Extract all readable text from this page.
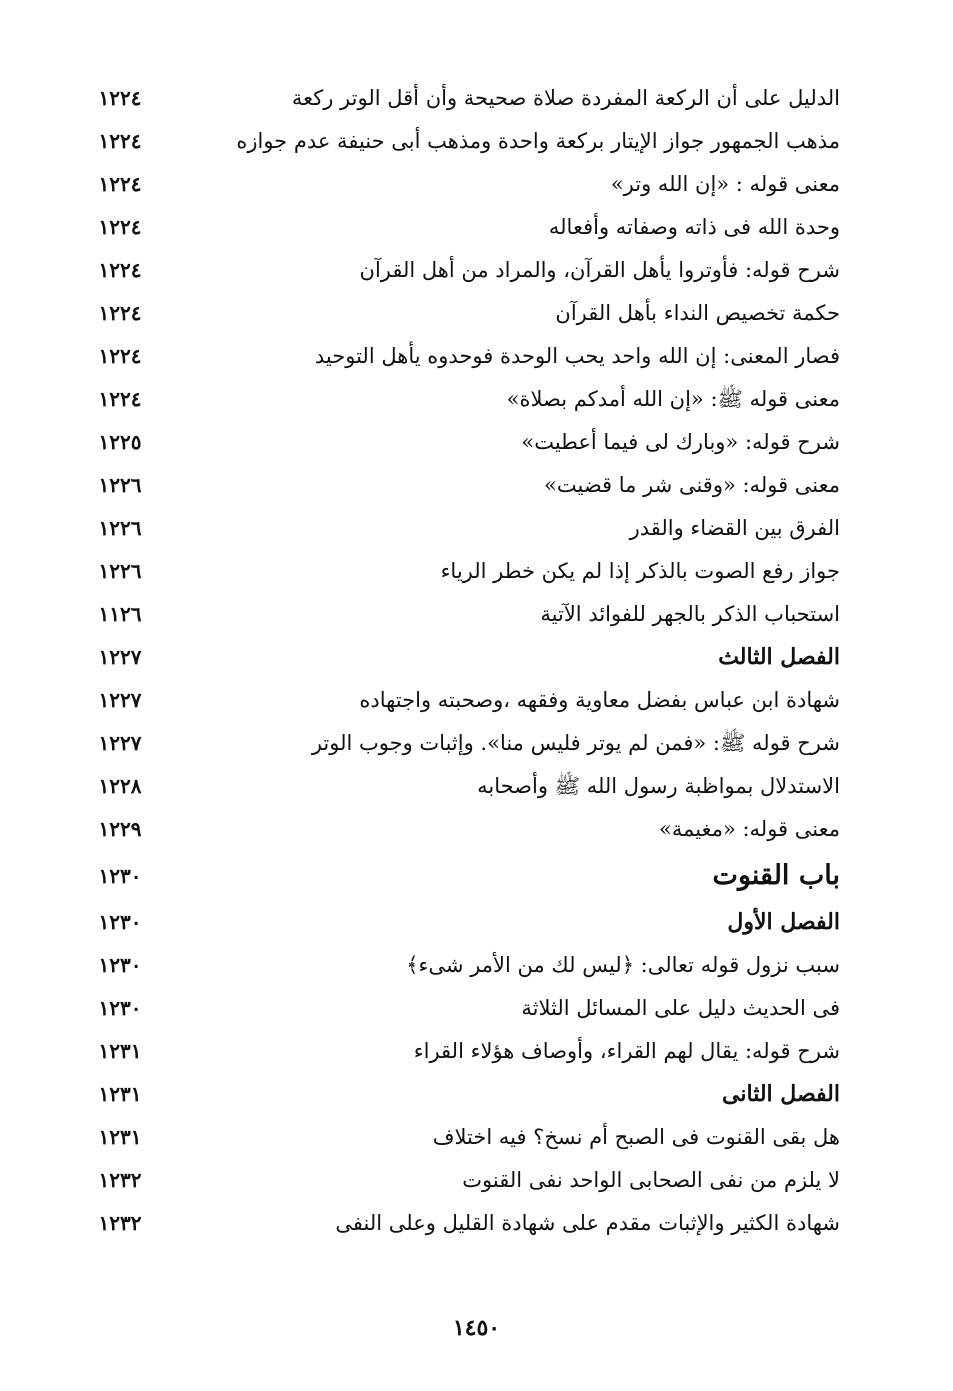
الدليل على أن الركعة المفردة صلاة صحيحة وأن أقل الوتر ركعة
١٢٢٤
مذهب الجمهور جواز الإيتار بركعة واحدة ومذهب أبى حنيفة عدم جوازه
١٢٢٤
معنى قوله : «إن الله وتر»
١٢٢٤
وحدة الله فى ذاته وصفاته وأفعاله
١٢٢٤
شرح قوله: فأوتروا يأهل القرآن، والمراد من أهل القرآن
١٢٢٤
حكمة تخصيص النداء بأهل القرآن
١٢٢٤
فصار المعنى: إن الله واحد يحب الوحدة فوحدوه يأهل التوحيد
١٢٢٤
معنى قوله ﷺ: «إن الله أمدكم بصلاة»
١٢٢٤
شرح قوله: «وبارك لى فيما أعطيت»
١٢٢٥
معنى قوله: «وقنى شر ما قضيت»
١٢٢٦
الفرق بين القضاء والقدر
١٢٢٦
جواز رفع الصوت بالذكر إذا لم يكن خطر الرياء
١٢٢٦
استحباب الذكر بالجهر للفوائد الآتية
١١٢٦
الفصل الثالث
١٢٢٧
شهادة ابن عباس بفضل معاوية وفقهه ،وصحبته واجتهاده
١٢٢٧
شرح قوله ﷺ: «فمن لم يوتر فليس منا». وإثبات وجوب الوتر
١٢٢٧
الاستدلال بمواظبة رسول الله ﷺ وأصحابه
١٢٢٨
معنى قوله: «مغيمة»
١٢٢٩
باب القنوت
١٢٣٠
الفصل الأول
١٢٣٠
سبب نزول قوله تعالى: ﴿ليس لك من الأمر شىء﴾
١٢٣٠
فى الحديث دليل على المسائل الثلاثة
١٢٣٠
شرح قوله: يقال لهم القراء، وأوصاف هؤلاء القراء
١٢٣١
الفصل الثانى
١٢٣١
هل بقى القنوت فى الصبح أم نسخ؟ فيه اختلاف
١٢٣١
لا يلزم من نفى الصحابى الواحد نفى القنوت
١٢٣٢
شهادة الكثير والإثبات مقدم على شهادة القليل وعلى النفى
١٢٣٢
١٤٥٠
